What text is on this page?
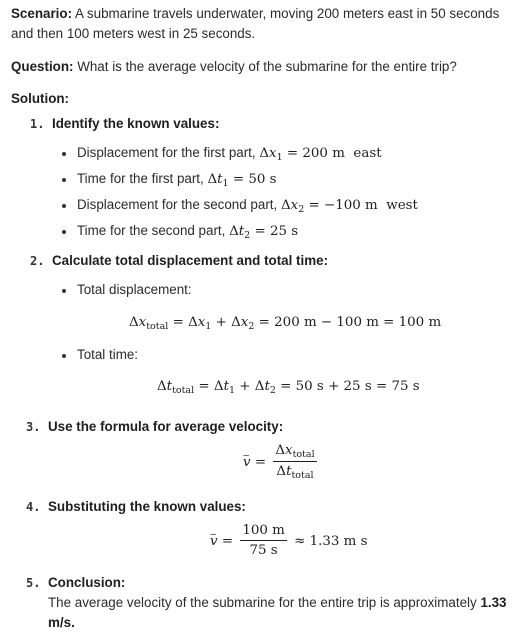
Scenario: A submarine travels underwater, moving 200 meters east in 50 seconds
and then 100 meters west in 25 seconds.
Question: What is the average velocity of the submarine for the entire trip?
Solution:
1. Identify the known values:
Displacement for the first part, $\Delta x_1 = 200$ m east
Time for the first part, $\Delta t_1 = 50$ s
Displacement for the second part, $\Delta x_2 = -100$ m west
Time for the second part, $\Delta t_2 = 25$ s
2. Calculate total displacement and total time:
Total displacement:
$\Delta x_{total} = \Delta x_1 + \Delta x_2 = 200$ m − 100 m = 100 m
Total time:
$\Delta t_{total} = \Delta t_1 + \Delta t_2 = 50$ s + 25 s = 75 s
3. Use the formula for average velocity:
‒ $v = \frac{\Delta x_{total}}{\Delta t_{total}}$
4. Substituting the known values:
‒ $v = \frac{100 m}{75 s} \approx 1.33$ m s
5. Conclusion:
The average velocity of the submarine for the entire trip is approximately 1.33
m/s.
